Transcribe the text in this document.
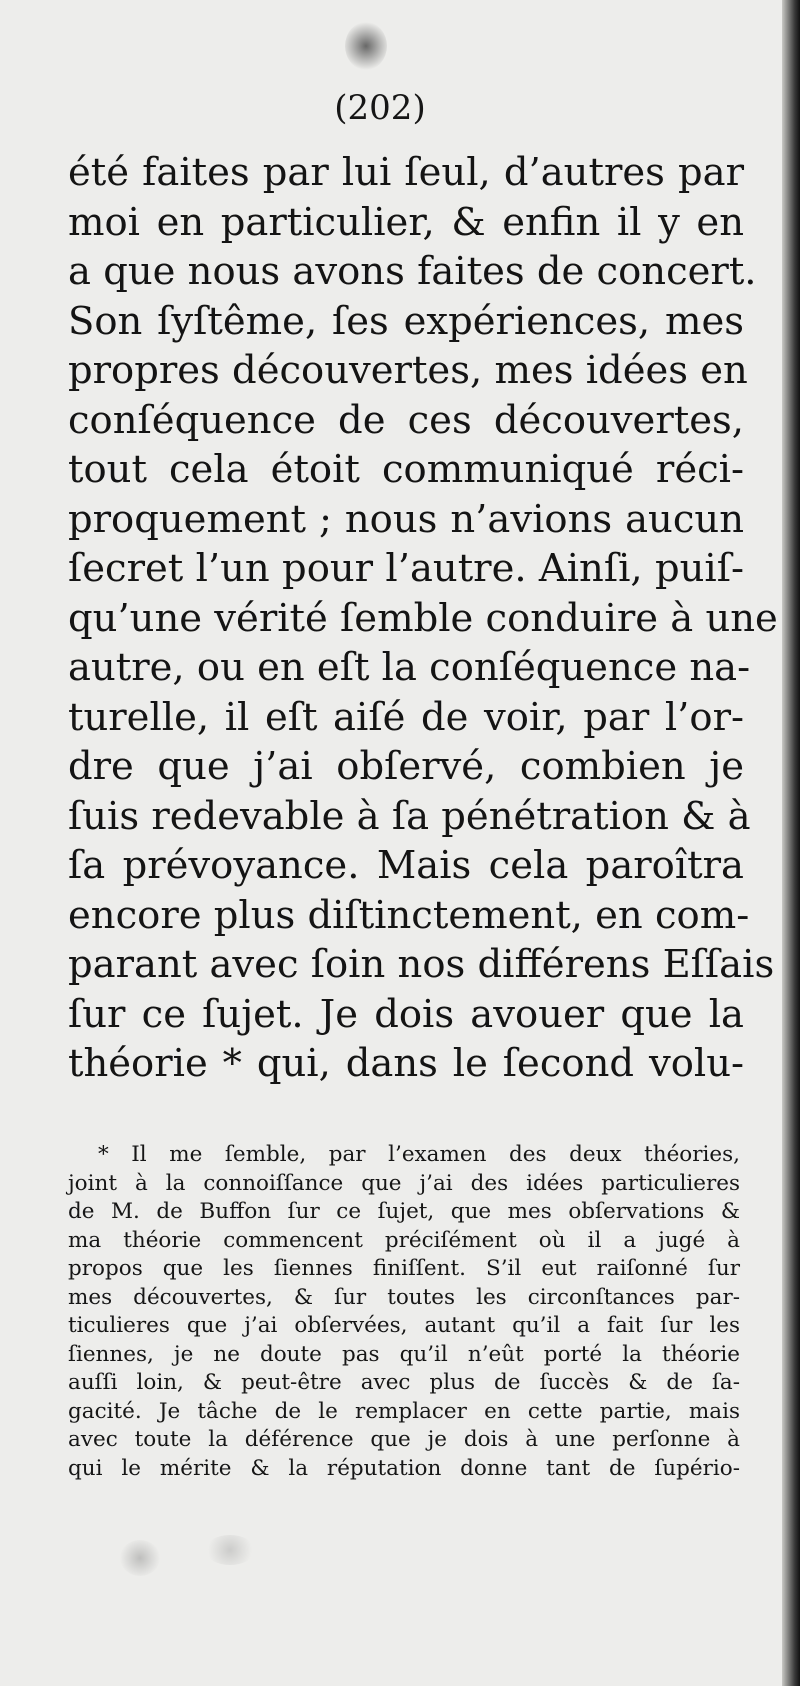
(202)
été faites par lui ſeul, d’autres par
moi en particulier, & enfin il y en
a que nous avons faites de concert.
Son ſyſtême, ſes expériences, mes
propres découvertes, mes idées en
conſéquence de ces découvertes,
tout cela étoit communiqué réci-
proquement ; nous n’avions aucun
ſecret l’un pour l’autre. Ainſi, puiſ-
qu’une vérité ſemble conduire à une
autre, ou en eſt la conſéquence na-
turelle, il eſt aiſé de voir, par l’or-
dre que j’ai obſervé, combien je
ſuis redevable à ſa pénétration & à
ſa prévoyance. Mais cela paroîtra
encore plus diſtinctement, en com-
parant avec ſoin nos différens Eſſais
ſur ce ſujet. Je dois avouer que la
théorie * qui, dans le ſecond volu-
* Il me ſemble, par l’examen des deux théories,
joint à la connoiſſance que j’ai des idées particulieres
de M. de Buffon ſur ce ſujet, que mes obſervations &
ma théorie commencent préciſément où il a jugé à
propos que les ſiennes finiſſent. S’il eut raiſonné ſur
mes découvertes, & ſur toutes les circonſtances par-
ticulieres que j’ai obſervées, autant qu’il a fait ſur les
ſiennes, je ne doute pas qu’il n’eût porté la théorie
auſſi loin, & peut-être avec plus de ſuccès & de ſa-
gacité. Je tâche de le remplacer en cette partie, mais
avec toute la déférence que je dois à une perſonne à
qui le mérite & la réputation donne tant de ſupério-
